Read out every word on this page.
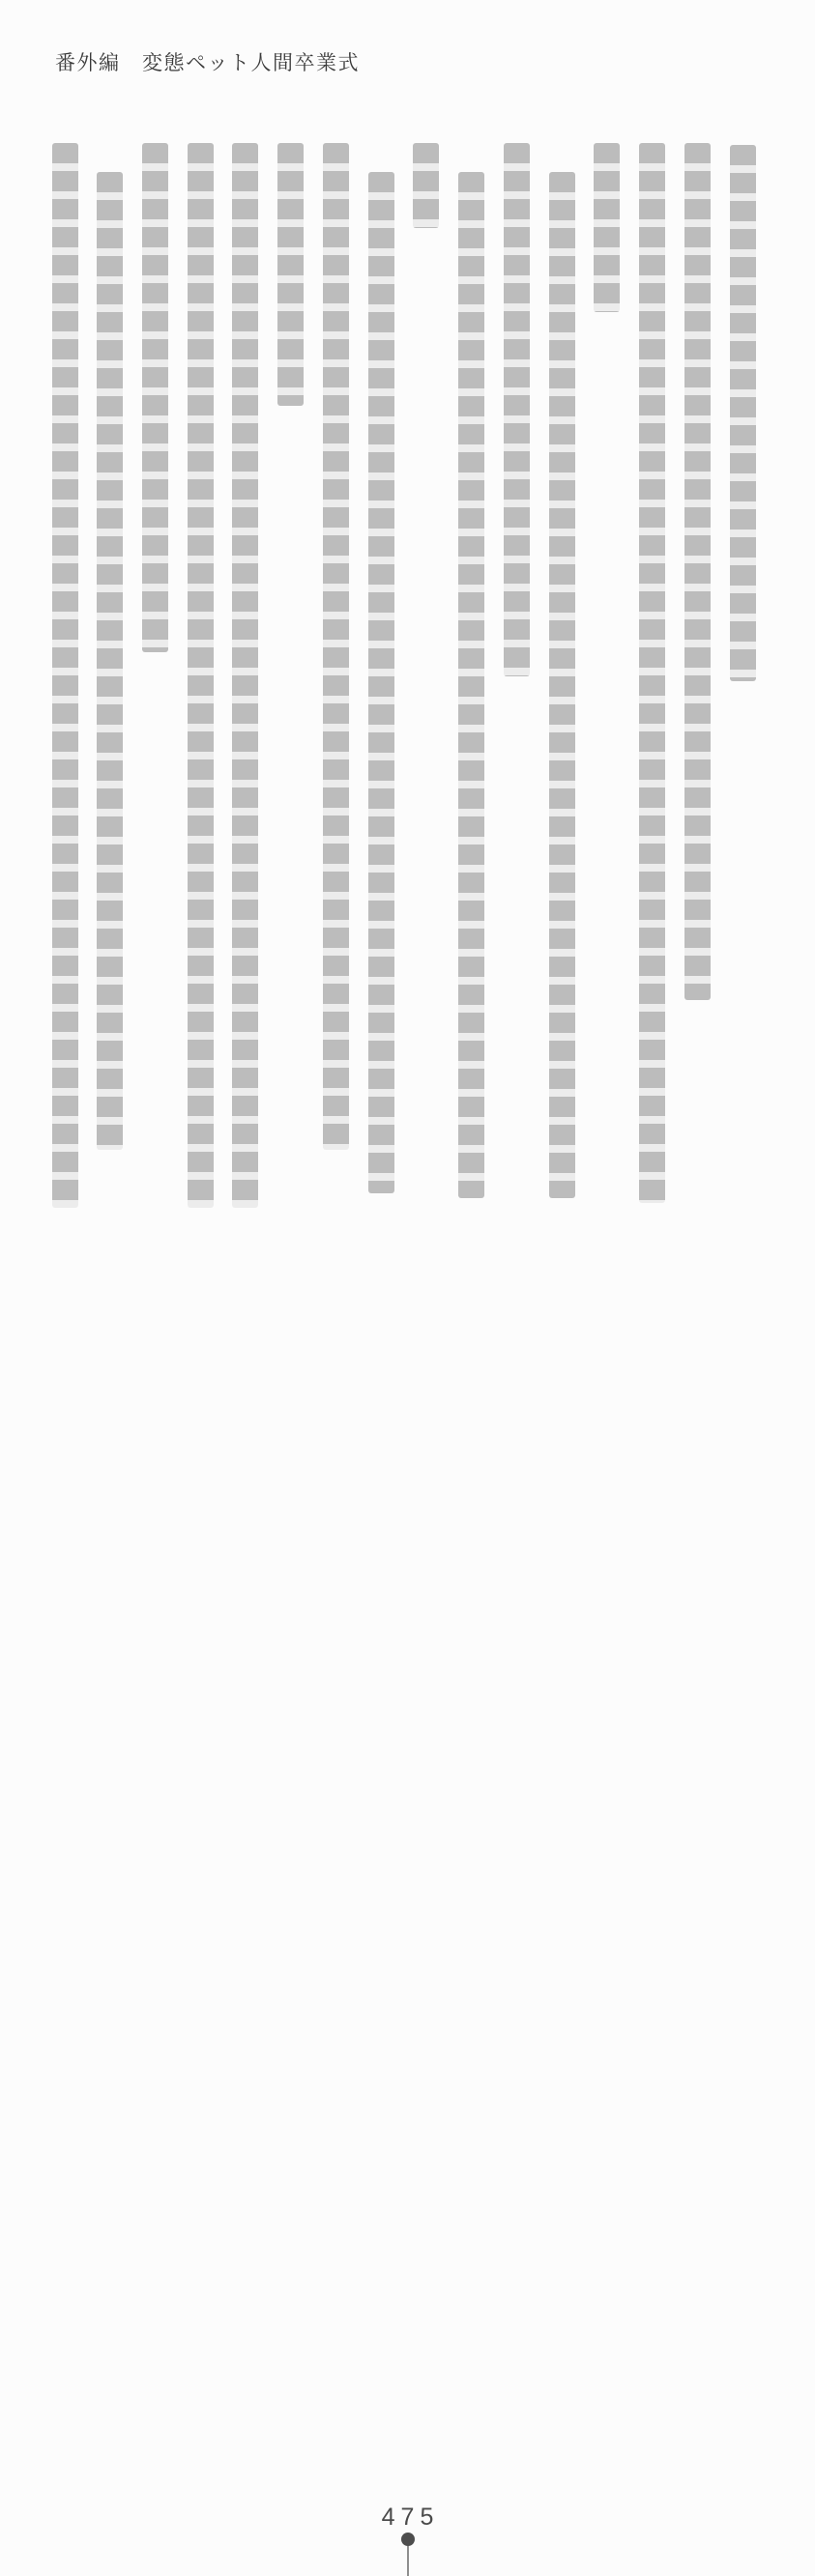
番外編　変態ペット人間卒業式
475
